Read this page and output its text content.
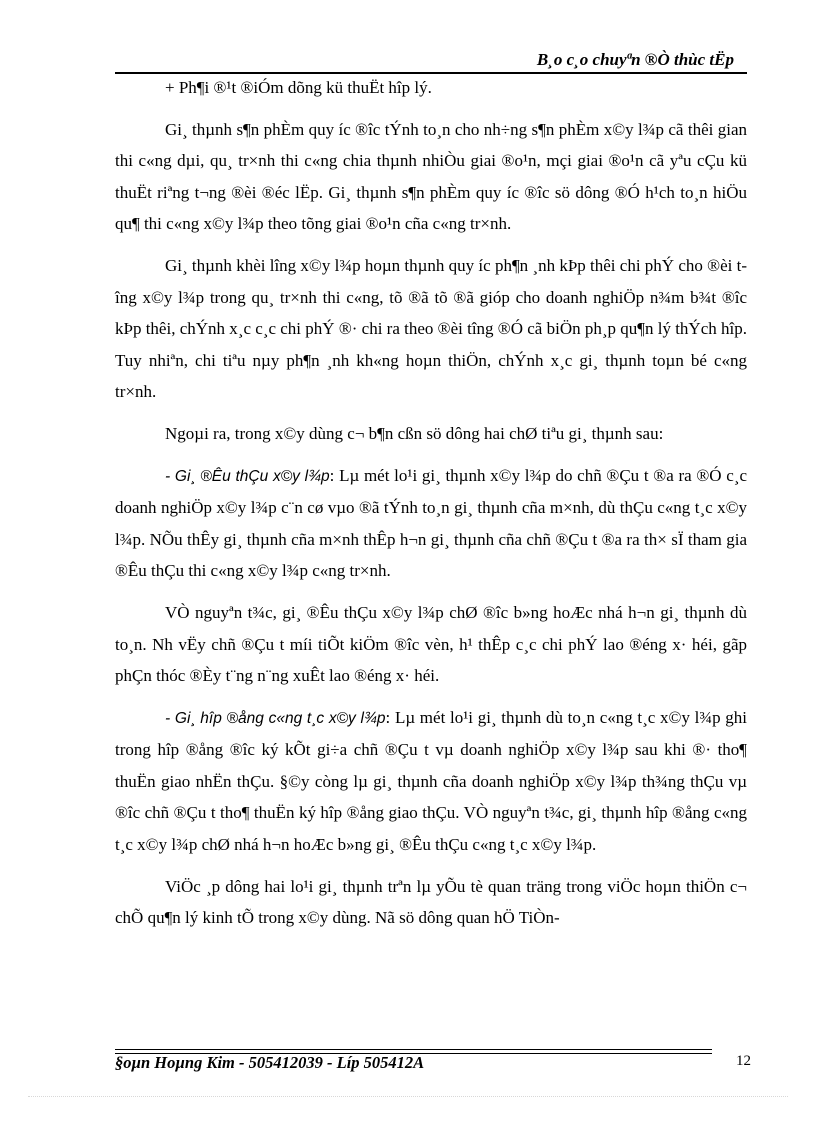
B¸o c¸o chuyªn ®Ò thùc tËp

+ Ph¶i ®¹t ®iÓm dõng kü thuËt hîp lý.

Gi¸ thµnh s¶n phÈm quy íc ®îc tÝnh to¸n cho nh÷ng s¶n phÈm x©y l¾p cã thêi gian thi c«ng dµi, qu¸ tr×nh thi c«ng chia thµnh nhiÒu giai ®o¹n, mçi giai ®o¹n cã yªu cÇu kü thuËt riªng t¬ng ®èi ®éc lËp. Gi¸ thµnh s¶n phÈm quy íc ®îc sö dông ®Ó h¹ch to¸n hiÖu qu¶ thi c«ng x©y l¾p theo tõng giai ®o¹n cña c«ng tr×nh.

Gi¸ thµnh khèi lîng x©y l¾p hoµn thµnh quy íc ph¶n ¸nh kÞp thêi chi phÝ cho ®èi tîng x©y l¾p trong qu¸ tr×nh thi c«ng, tõ ®ã tõ ®ã gióp cho doanh nghiÖp n¾m b¾t ®îc kÞp thêi, chÝnh x¸c c¸c chi phÝ ®· chi ra theo ®èi tîng ®Ó cã biÖn ph¸p qu¶n lý thÝch hîp. Tuy nhiªn, chi tiªu nµy ph¶n ¸nh kh«ng hoµn thiÖn, chÝnh x¸c gi¸ thµnh toµn bé c«ng tr×nh.

Ngoµi ra, trong x©y dùng c¬ b¶n cßn sö dông hai chØ tiªu gi¸ thµnh sau:

- Gi¸ ®Êu thÇu x©y l¾p: Lµ mét lo¹i gi¸ thµnh x©y l¾p do chñ ®Çu t ®a ra ®Ó c¸c doanh nghiÖp x©y l¾p c¨n cø vµo ®ã tÝnh to¸n gi¸ thµnh cña m×nh, dù thÇu c«ng t¸c x©y l¾p. NÕu thÊy gi¸ thµnh cña m×nh thÊp h¬n gi¸ thµnh cña chñ ®Çu t ®a ra th× sÏ tham gia ®Êu thÇu thi c«ng x©y l¾p c«ng tr×nh.

VÒ nguyªn t¾c, gi¸ ®Êu thÇu x©y l¾p chØ ®îc b»ng hoÆc nhá h¬n gi¸ thµnh dù to¸n. Nh vËy chñ ®Çu t míi tiÕt kiÖm ®îc vèn, h¹ thÊp c¸c chi phÝ lao ®éng x· héi, gãp phÇn thóc ®Èy t¨ng n¨ng xuÊt lao ®éng x· héi.

- Gi¸ hîp ®ång c«ng t¸c x©y l¾p: Lµ mét lo¹i gi¸ thµnh dù to¸n c«ng t¸c x©y l¾p ghi trong hîp ®ång ®îc ký kÕt gi÷a chñ ®Çu t vµ doanh nghiÖp x©y l¾p sau khi ®· tho¶ thuËn giao nhËn thÇu. §©y còng lµ gi¸ thµnh cña doanh nghiÖp x©y l¾p th¾ng thÇu vµ ®îc chñ ®Çu t tho¶ thuËn ký hîp ®ång giao thÇu. VÒ nguyªn t¾c, gi¸ thµnh hîp ®ång c«ng t¸c x©y l¾p chØ nhá h¬n hoÆc b»ng gi¸ ®Êu thÇu c«ng t¸c x©y l¾p.

ViÖc ¸p dông hai lo¹i gi¸ thµnh trªn lµ yÕu tè quan träng trong viÖc hoµn thiÖn c¬ chÕ qu¶n lý kinh tÕ trong x©y dùng. Nã sö dông quan hÖ TiÒn-

§oµn Hoµng Kim - 505412039 - Líp 505412A	12
